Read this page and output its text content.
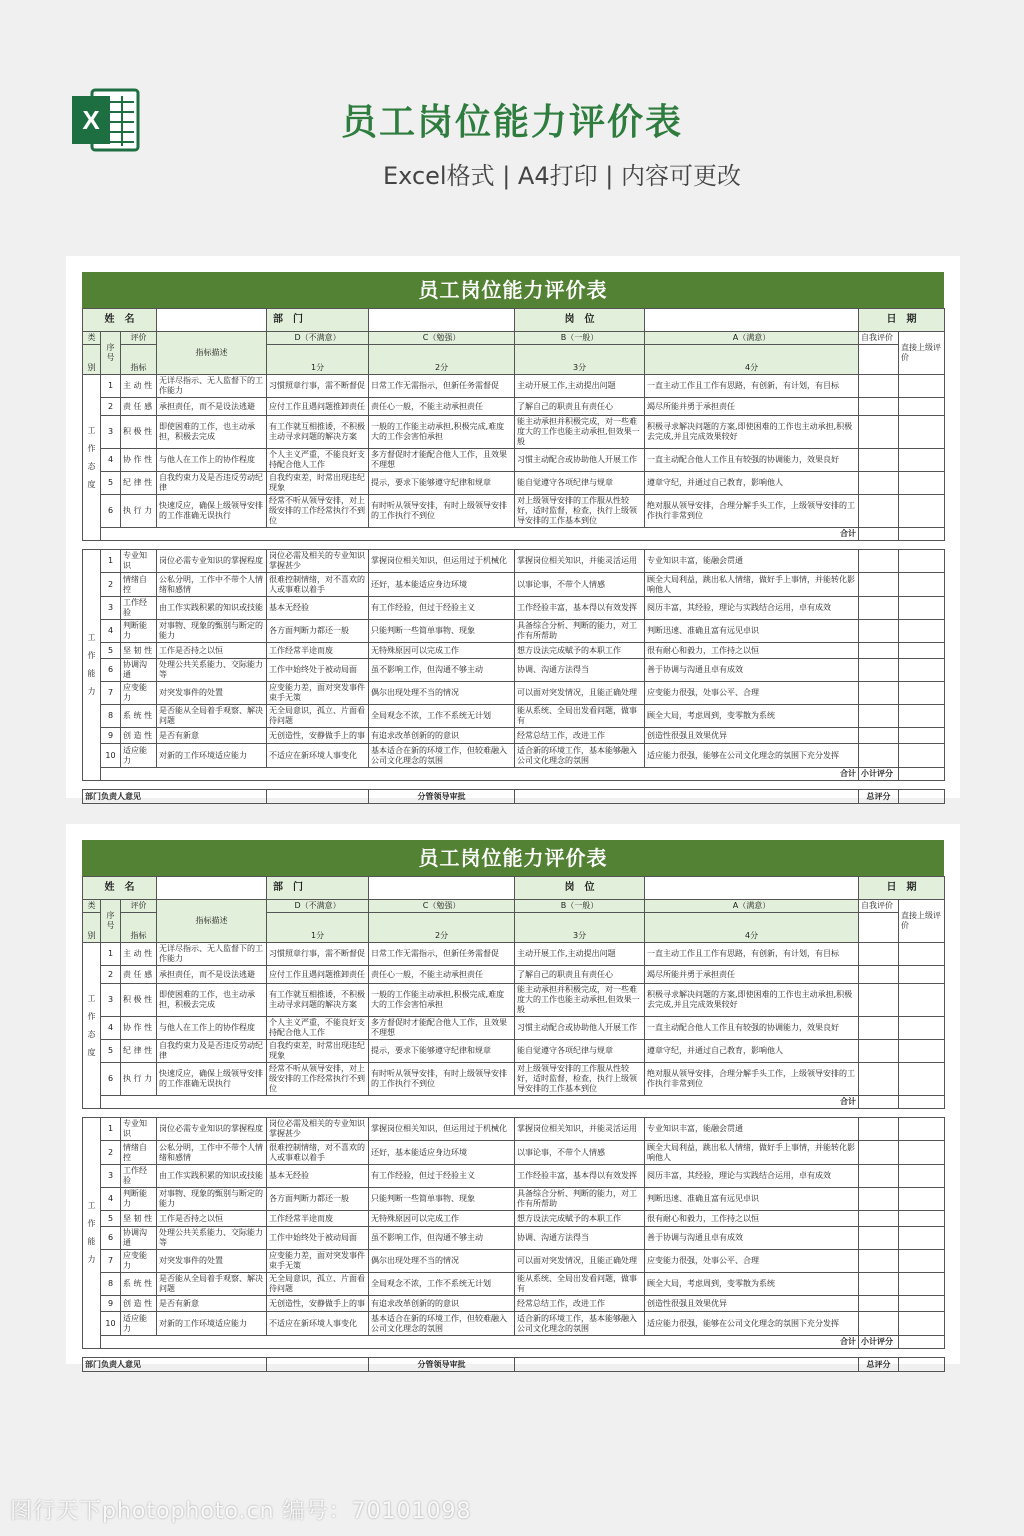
X	员工岗位能力评价表
Excel格式 | A4打印 | 内容可更改
员工岗位能力评价表
姓　名				部　门		岗　位		日　期	
类	序号	评价	指标描述	D（不满意）	C（勉强）	B（一般）	A（满意）	自我评价	直接上级评价
别		指标		1分	2分	3分	4分		

工
作
态
度	1	主 动 性	无详尽指示、无人监督下的工作能力	习惯照章行事，需不断督促	日常工作无需指示，但新任务需督促	主动开展工作,主动提出问题	一直主动工作且工作有思路，有创新，有计划，有目标		
	2	责 任 感	承担责任，而不是设法逃避	应付工作且遇问题推卸责任	责任心一般，不能主动承担责任	了解自己的职责且有责任心	竭尽所能并勇于承担责任		
	3	积 极 性	即使困难的工作，也主动承担，积极去完成	有工作就互相推诿，不积极主动寻求问题的解决方案	一般的工作能主动承担,积极完成,难度大的工作会害怕承担	能主动承担并积极完成，对一些难度大的工作也能主动承担,但效果一般	积极寻求解决问题的方案,即使困难的工作也主动承担,积极去完成,并且完成效果较好		
	4	协 作 性	与他人在工作上的协作程度	个人主义严重，不能良好支持配合他人工作	多方督促时才能配合他人工作，且效果不理想	习惯主动配合或协助他人开展工作	一直主动配合他人工作且有较强的协调能力，效果良好		
	5	纪 律 性	自我约束力及是否违反劳动纪律	自我约束差，时常出现违纪现象	提示，要求下能够遵守纪律和规章	能自觉遵守各项纪律与规章	遵章守纪，并通过自己教育，影响他人		
	6	执 行 力	快速反应，确保上级领导安排的工作准确无误执行	经常不听从领导安排，对上级安排的工作经常执行不到位	有时听从领导安排，有时上级领导安排的工作执行不到位	对上级领导安排的工作服从性较好，适时监督，检查，执行上级领导安排的工作基本到位	绝对服从领导安排，合理分解手头工作，上级领导安排的工作执行非常到位		
	合计								

工
作
能
力	1	专业知识	岗位必需专业知识的掌握程度	岗位必需及相关的专业知识掌握甚少	掌握岗位相关知识，但运用过于机械化	掌握岗位相关知识，并能灵活运用	专业知识丰富，能融会贯通		
	2	情绪自控	公私分明，工作中不带个人情绪和感情	很难控制情绪，对不喜欢的人或事难以着手	还好，基本能适应身边环境	以事论事，不带个人情感	顾全大局利益，跳出私人情绪，做好手上事情，并能转化影响他人		
	3	工作经验	由工作实践积累的知识或技能	基本无经验	有工作经验，但过于经验主义	工作经验丰富，基本得以有效发挥	阅历丰富，其经验，理论与实践结合运用，卓有成效		
	4	判断能力	对事物、现象的甄别与断定的能力	各方面判断力都还一般	只能判断一些简单事物、现象	具备综合分析、判断的能力，对工作有所帮助	判断迅速、准确且富有远见卓识		
	5	坚 韧 性	工作是否持之以恒	工作经常半途而废	无特殊原因可以完成工作	想方设法完成赋予的本职工作	很有耐心和毅力，工作持之以恒		
	6	协调沟通	处理公共关系能力、交际能力等	工作中始终处于被动局面	虽不影响工作，但沟通不够主动	协调、沟通方法得当	善于协调与沟通且卓有成效		
	7	应变能力	对突发事件的处置	应变能力差，面对突发事件束手无策	偶尔出现处理不当的情况	可以面对突发情况，且能正确处理	应变能力很强，处事公平、合理		
	8	系 统 性	是否能从全局着手观察、解决问题	无全局意识，孤立、片面看待问题	全局观念不浓，工作不系统无计划	能从系统、全局出发看问题，做事有	顾全大局，考虑周到，变零散为系统		
	9	创 造 性	是否有新意	无创造性，安静做手上的事	有追求改革创新的的意识	经常总结工作，改进工作	创造性很强且效果优异		
	10	适应能力	对新的工作环境适应能力	不适应在新环境人事变化	基本适合在新的环境工作，但较难融入公司文化理念的氛围	适合新的环境工作，基本能够融入公司文化理念的氛围	适应能力很强，能够在公司文化理念的氛围下充分发挥		
	合计							小计评分	

部门负责人意见					分管领导审批			总评分	
员工岗位能力评价表
姓　名				部　门		岗　位		日　期	
类	序号	评价	指标描述	D（不满意）	C（勉强）	B（一般）	A（满意）	自我评价	直接上级评价
别		指标		1分	2分	3分	4分		

工
作
态
度	1	主 动 性	无详尽指示、无人监督下的工作能力	习惯照章行事，需不断督促	日常工作无需指示，但新任务需督促	主动开展工作,主动提出问题	一直主动工作且工作有思路，有创新，有计划，有目标		
	2	责 任 感	承担责任，而不是设法逃避	应付工作且遇问题推卸责任	责任心一般，不能主动承担责任	了解自己的职责且有责任心	竭尽所能并勇于承担责任		
	3	积 极 性	即使困难的工作，也主动承担，积极去完成	有工作就互相推诿，不积极主动寻求问题的解决方案	一般的工作能主动承担,积极完成,难度大的工作会害怕承担	能主动承担并积极完成，对一些难度大的工作也能主动承担,但效果一般	积极寻求解决问题的方案,即使困难的工作也主动承担,积极去完成,并且完成效果较好		
	4	协 作 性	与他人在工作上的协作程度	个人主义严重，不能良好支持配合他人工作	多方督促时才能配合他人工作，且效果不理想	习惯主动配合或协助他人开展工作	一直主动配合他人工作且有较强的协调能力，效果良好		
	5	纪 律 性	自我约束力及是否违反劳动纪律	自我约束差，时常出现违纪现象	提示，要求下能够遵守纪律和规章	能自觉遵守各项纪律与规章	遵章守纪，并通过自己教育，影响他人		
	6	执 行 力	快速反应，确保上级领导安排的工作准确无误执行	经常不听从领导安排，对上级安排的工作经常执行不到位	有时听从领导安排，有时上级领导安排的工作执行不到位	对上级领导安排的工作服从性较好，适时监督，检查，执行上级领导安排的工作基本到位	绝对服从领导安排，合理分解手头工作，上级领导安排的工作执行非常到位		
	合计								

工
作
能
力	1	专业知识	岗位必需专业知识的掌握程度	岗位必需及相关的专业知识掌握甚少	掌握岗位相关知识，但运用过于机械化	掌握岗位相关知识，并能灵活运用	专业知识丰富，能融会贯通		
	2	情绪自控	公私分明，工作中不带个人情绪和感情	很难控制情绪，对不喜欢的人或事难以着手	还好，基本能适应身边环境	以事论事，不带个人情感	顾全大局利益，跳出私人情绪，做好手上事情，并能转化影响他人		
	3	工作经验	由工作实践积累的知识或技能	基本无经验	有工作经验，但过于经验主义	工作经验丰富，基本得以有效发挥	阅历丰富，其经验，理论与实践结合运用，卓有成效		
	4	判断能力	对事物、现象的甄别与断定的能力	各方面判断力都还一般	只能判断一些简单事物、现象	具备综合分析、判断的能力，对工作有所帮助	判断迅速、准确且富有远见卓识		
	5	坚 韧 性	工作是否持之以恒	工作经常半途而废	无特殊原因可以完成工作	想方设法完成赋予的本职工作	很有耐心和毅力，工作持之以恒		
	6	协调沟通	处理公共关系能力、交际能力等	工作中始终处于被动局面	虽不影响工作，但沟通不够主动	协调、沟通方法得当	善于协调与沟通且卓有成效		
	7	应变能力	对突发事件的处置	应变能力差，面对突发事件束手无策	偶尔出现处理不当的情况	可以面对突发情况，且能正确处理	应变能力很强，处事公平、合理		
	8	系 统 性	是否能从全局着手观察、解决问题	无全局意识，孤立、片面看待问题	全局观念不浓，工作不系统无计划	能从系统、全局出发看问题，做事有	顾全大局，考虑周到，变零散为系统		
	9	创 造 性	是否有新意	无创造性，安静做手上的事	有追求改革创新的的意识	经常总结工作，改进工作	创造性很强且效果优异		
	10	适应能力	对新的工作环境适应能力	不适应在新环境人事变化	基本适合在新的环境工作，但较难融入公司文化理念的氛围	适合新的环境工作，基本能够融入公司文化理念的氛围	适应能力很强，能够在公司文化理念的氛围下充分发挥		
	合计							小计评分	

部门负责人意见					分管领导审批			总评分	
图行天下photophoto.cn 编号：70101098
